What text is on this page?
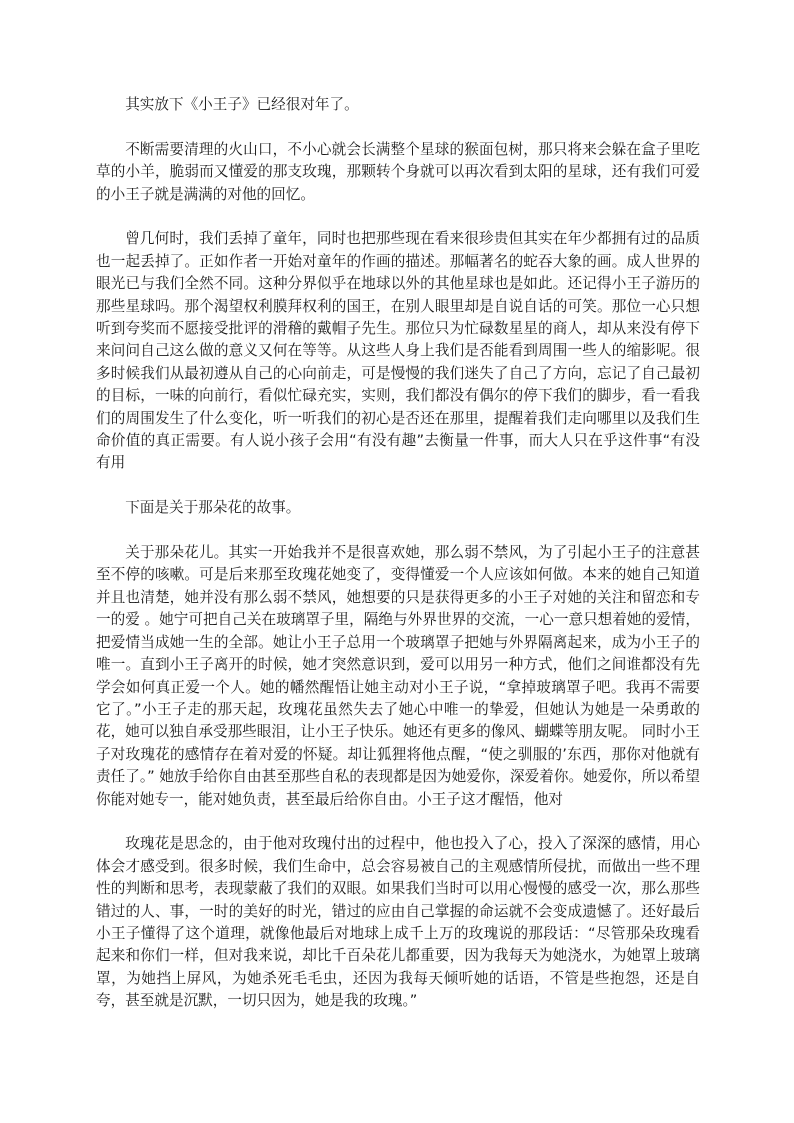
其实放下《小王子》已经很对年了。

不断需要清理的火山口，不小心就会长满整个星球的猴面包树，那只将来会躲在盒子里吃草的小羊，脆弱而又懂爱的那支玫瑰，那颗转个身就可以再次看到太阳的星球，还有我们可爱的小王子就是满满的对他的回忆。

曾几何时，我们丢掉了童年，同时也把那些现在看来很珍贵但其实在年少都拥有过的品质也一起丢掉了。正如作者一开始对童年的作画的描述。那幅著名的蛇吞大象的画。成人世界的眼光已与我们全然不同。这种分界似乎在地球以外的其他星球也是如此。还记得小王子游历的那些星球吗。那个渴望权利膜拜权利的国王，在别人眼里却是自说自话的可笑。那位一心只想听到夸奖而不愿接受批评的滑稽的戴帽子先生。那位只为忙碌数星星的商人，却从来没有停下来问问自己这么做的意义又何在等等。从这些人身上我们是否能看到周围一些人的缩影呢。很多时候我们从最初遵从自己的心向前走，可是慢慢的我们迷失了自己了方向，忘记了自己最初的目标，一味的向前行，看似忙碌充实，实则，我们都没有偶尔的停下我们的脚步，看一看我们的周围发生了什么变化，听一听我们的初心是否还在那里，提醒着我们走向哪里以及我们生命价值的真正需要。有人说小孩子会用“有没有趣”去衡量一件事，而大人只在乎这件事“有没有用

下面是关于那朵花的故事。

关于那朵花儿。其实一开始我并不是很喜欢她，那么弱不禁风，为了引起小王子的注意甚至不停的咳嗽。可是后来那至玫瑰花她变了，变得懂爱一个人应该如何做。本来的她自己知道并且也清楚，她并没有那么弱不禁风，她想要的只是获得更多的小王子对她的关注和留恋和专一的爱 。她宁可把自己关在玻璃罩子里，隔绝与外界世界的交流，一心一意只想着她的爱情，把爱情当成她一生的全部。她让小王子总用一个玻璃罩子把她与外界隔离起来，成为小王子的唯一。直到小王子离开的时候，她才突然意识到，爱可以用另一种方式，他们之间谁都没有先学会如何真正爱一个人。她的幡然醒悟让她主动对小王子说，“拿掉玻璃罩子吧。我再不需要它了。”小王子走的那天起，玫瑰花虽然失去了她心中唯一的挚爱，但她认为她是一朵勇敢的花，她可以独自承受那些眼泪，让小王子快乐。她还有更多的像风、蝴蝶等朋友呢。 同时小王子对玫瑰花的感情存在着对爱的怀疑。却让狐狸将他点醒，“使之驯服的’东西，那你对他就有责任了。” 她放手给你自由甚至那些自私的表现都是因为她爱你，深爱着你。她爱你，所以希望你能对她专一，能对她负责，甚至最后给你自由。小王子这才醒悟，他对

玫瑰花是思念的，由于他对玫瑰付出的过程中，他也投入了心，投入了深深的感情，用心体会才感受到。很多时候，我们生命中，总会容易被自己的主观感情所侵扰，而做出一些不理性的判断和思考，表现蒙蔽了我们的双眼。如果我们当时可以用心慢慢的感受一次，那么那些错过的人、事，一时的美好的时光，错过的应由自己掌握的命运就不会变成遗憾了。还好最后小王子懂得了这个道理，就像他最后对地球上成千上万的玫瑰说的那段话：“尽管那朵玫瑰看起来和你们一样，但对我来说，却比千百朵花儿都重要，因为我每天为她浇水，为她罩上玻璃罩，为她挡上屏风，为她杀死毛毛虫，还因为我每天倾听她的话语，不管是些抱怨，还是自夸，甚至就是沉默，一切只因为，她是我的玫瑰。”
